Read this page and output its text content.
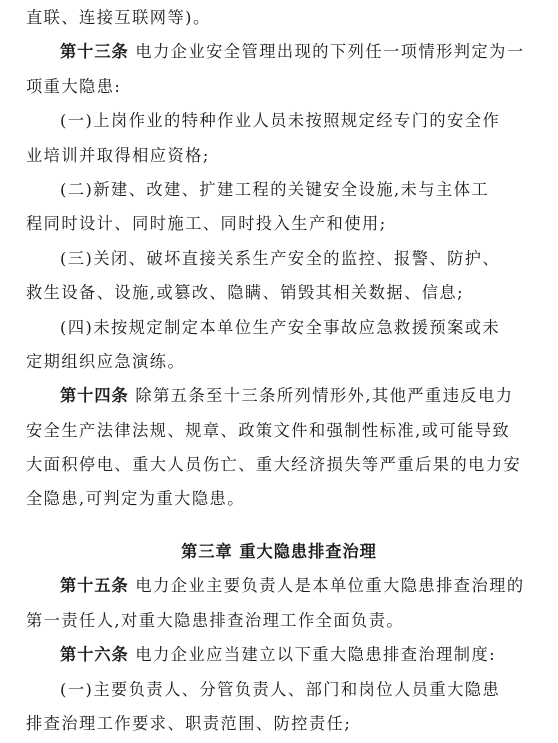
直联、连接互联网等)。
第十三条 电力企业安全管理出现的下列任一项情形判定为一
项重大隐患:
(一)上岗作业的特种作业人员未按照规定经专门的安全作
业培训并取得相应资格;
(二)新建、改建、扩建工程的关键安全设施,未与主体工
程同时设计、同时施工、同时投入生产和使用;
(三)关闭、破坏直接关系生产安全的监控、报警、防护、
救生设备、设施,或篡改、隐瞒、销毁其相关数据、信息;
(四)未按规定制定本单位生产安全事故应急救援预案或未
定期组织应急演练。
第十四条 除第五条至十三条所列情形外,其他严重违反电力
安全生产法律法规、规章、政策文件和强制性标准,或可能导致
大面积停电、重大人员伤亡、重大经济损失等严重后果的电力安
全隐患,可判定为重大隐患。
第三章 重大隐患排查治理
第十五条 电力企业主要负责人是本单位重大隐患排查治理的
第一责任人,对重大隐患排查治理工作全面负责。
第十六条 电力企业应当建立以下重大隐患排查治理制度:
(一)主要负责人、分管负责人、部门和岗位人员重大隐患
排查治理工作要求、职责范围、防控责任;
